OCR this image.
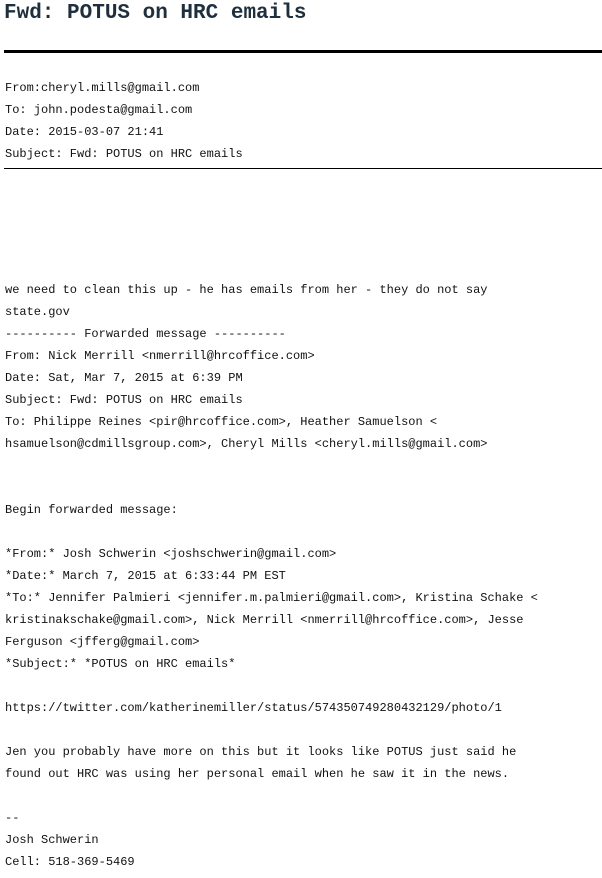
Fwd: POTUS on HRC emails
From:cheryl.mills@gmail.com
To: john.podesta@gmail.com
Date: 2015-03-07 21:41
Subject: Fwd: POTUS on HRC emails
we need to clean this up - he has emails from her - they do not say
state.gov
---------- Forwarded message ----------
From: Nick Merrill <nmerrill@hrcoffice.com>
Date: Sat, Mar 7, 2015 at 6:39 PM
Subject: Fwd: POTUS on HRC emails
To: Philippe Reines <pir@hrcoffice.com>, Heather Samuelson <
hsamuelson@cdmillsgroup.com>, Cheryl Mills <cheryl.mills@gmail.com>
Begin forwarded message:
*From:* Josh Schwerin <joshschwerin@gmail.com>
*Date:* March 7, 2015 at 6:33:44 PM EST
*To:* Jennifer Palmieri <jennifer.m.palmieri@gmail.com>, Kristina Schake <
kristinakschake@gmail.com>, Nick Merrill <nmerrill@hrcoffice.com>, Jesse
Ferguson <jfferg@gmail.com>
*Subject:* *POTUS on HRC emails*
https://twitter.com/katherinemiller/status/574350749280432129/photo/1
Jen you probably have more on this but it looks like POTUS just said he
found out HRC was using her personal email when he saw it in the news.
--
Josh Schwerin
Cell: 518-369-5469
